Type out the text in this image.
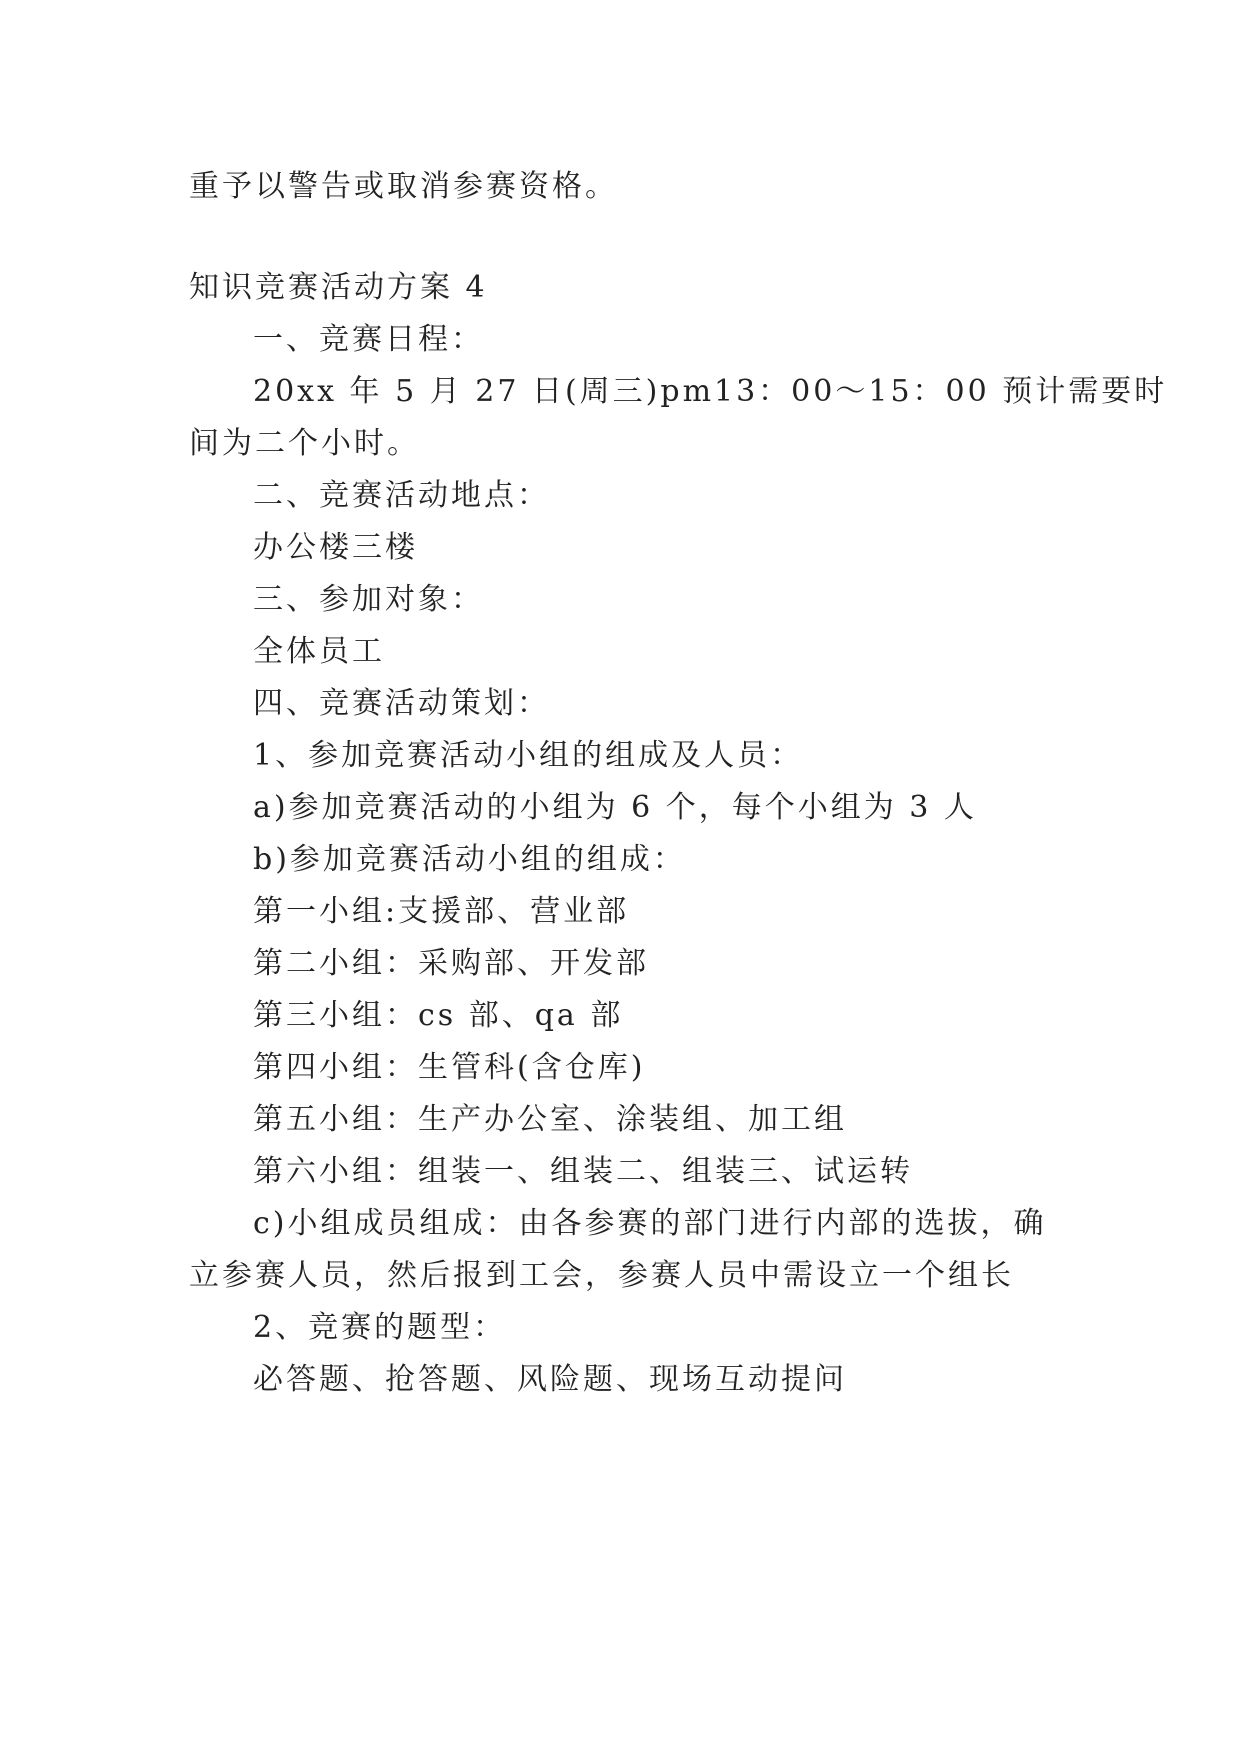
重予以警告或取消参赛资格。
知识竞赛活动方案 4
一、竞赛日程：
20xx 年 5 月 27 日(周三)pm13：00～15：00 预计需要时
间为二个小时。
二、竞赛活动地点：
办公楼三楼
三、参加对象：
全体员工
四、竞赛活动策划：
1、参加竞赛活动小组的组成及人员：
a)参加竞赛活动的小组为 6 个，每个小组为 3 人
b)参加竞赛活动小组的组成：
第一小组:支援部、营业部
第二小组：采购部、开发部
第三小组：cs 部、qa 部
第四小组：生管科(含仓库)
第五小组：生产办公室、涂装组、加工组
第六小组：组装一、组装二、组装三、试运转
c)小组成员组成：由各参赛的部门进行内部的选拔，确
立参赛人员，然后报到工会，参赛人员中需设立一个组长
2、竞赛的题型：
必答题、抢答题、风险题、现场互动提问
